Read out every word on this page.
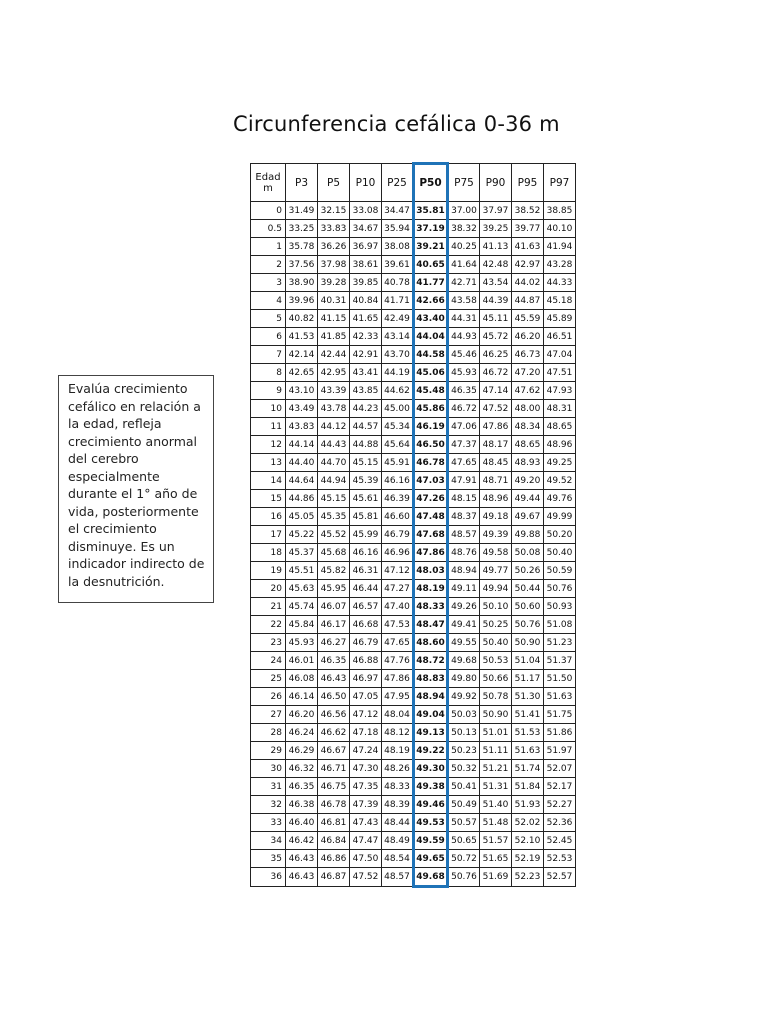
Circunferencia cefálica 0-36 m
Evalúa crecimiento cefálico en relación a la edad, refleja crecimiento anormal del cerebro especialmente durante el 1° año de vida, posteriormente el crecimiento disminuye. Es un indicador indirecto de la desnutrición.
Edad m	P3	P5	P10	P25	P50	P75	P90	P95	P97
0	31.49	32.15	33.08	34.47	35.81	37.00	37.97	38.52	38.85
0.5	33.25	33.83	34.67	35.94	37.19	38.32	39.25	39.77	40.10
1	35.78	36.26	36.97	38.08	39.21	40.25	41.13	41.63	41.94
2	37.56	37.98	38.61	39.61	40.65	41.64	42.48	42.97	43.28
3	38.90	39.28	39.85	40.78	41.77	42.71	43.54	44.02	44.33
4	39.96	40.31	40.84	41.71	42.66	43.58	44.39	44.87	45.18
5	40.82	41.15	41.65	42.49	43.40	44.31	45.11	45.59	45.89
6	41.53	41.85	42.33	43.14	44.04	44.93	45.72	46.20	46.51
7	42.14	42.44	42.91	43.70	44.58	45.46	46.25	46.73	47.04
8	42.65	42.95	43.41	44.19	45.06	45.93	46.72	47.20	47.51
9	43.10	43.39	43.85	44.62	45.48	46.35	47.14	47.62	47.93
10	43.49	43.78	44.23	45.00	45.86	46.72	47.52	48.00	48.31
11	43.83	44.12	44.57	45.34	46.19	47.06	47.86	48.34	48.65
12	44.14	44.43	44.88	45.64	46.50	47.37	48.17	48.65	48.96
13	44.40	44.70	45.15	45.91	46.78	47.65	48.45	48.93	49.25
14	44.64	44.94	45.39	46.16	47.03	47.91	48.71	49.20	49.52
15	44.86	45.15	45.61	46.39	47.26	48.15	48.96	49.44	49.76
16	45.05	45.35	45.81	46.60	47.48	48.37	49.18	49.67	49.99
17	45.22	45.52	45.99	46.79	47.68	48.57	49.39	49.88	50.20
18	45.37	45.68	46.16	46.96	47.86	48.76	49.58	50.08	50.40
19	45.51	45.82	46.31	47.12	48.03	48.94	49.77	50.26	50.59
20	45.63	45.95	46.44	47.27	48.19	49.11	49.94	50.44	50.76
21	45.74	46.07	46.57	47.40	48.33	49.26	50.10	50.60	50.93
22	45.84	46.17	46.68	47.53	48.47	49.41	50.25	50.76	51.08
23	45.93	46.27	46.79	47.65	48.60	49.55	50.40	50.90	51.23
24	46.01	46.35	46.88	47.76	48.72	49.68	50.53	51.04	51.37
25	46.08	46.43	46.97	47.86	48.83	49.80	50.66	51.17	51.50
26	46.14	46.50	47.05	47.95	48.94	49.92	50.78	51.30	51.63
27	46.20	46.56	47.12	48.04	49.04	50.03	50.90	51.41	51.75
28	46.24	46.62	47.18	48.12	49.13	50.13	51.01	51.53	51.86
29	46.29	46.67	47.24	48.19	49.22	50.23	51.11	51.63	51.97
30	46.32	46.71	47.30	48.26	49.30	50.32	51.21	51.74	52.07
31	46.35	46.75	47.35	48.33	49.38	50.41	51.31	51.84	52.17
32	46.38	46.78	47.39	48.39	49.46	50.49	51.40	51.93	52.27
33	46.40	46.81	47.43	48.44	49.53	50.57	51.48	52.02	52.36
34	46.42	46.84	47.47	48.49	49.59	50.65	51.57	52.10	52.45
35	46.43	46.86	47.50	48.54	49.65	50.72	51.65	52.19	52.53
36	46.43	46.87	47.52	48.57	49.68	50.76	51.69	52.23	52.57
